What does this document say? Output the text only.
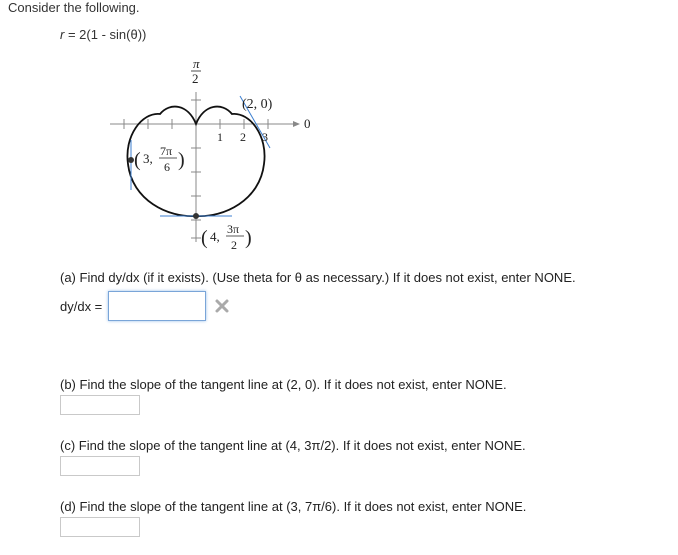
Consider the following.
r = 2(1 - sin(θ))
π
2
0
(2, 0)
1 2 3
( 3, 7π
6 )
( 4, 3π
2 )
(a) Find dy/dx (if it exists). (Use theta for θ as necessary.) If it does not exist, enter NONE.
dy/dx =
(b) Find the slope of the tangent line at (2, 0). If it does not exist, enter NONE.
(c) Find the slope of the tangent line at (4, 3π/2). If it does not exist, enter NONE.
(d) Find the slope of the tangent line at (3, 7π/6). If it does not exist, enter NONE.
